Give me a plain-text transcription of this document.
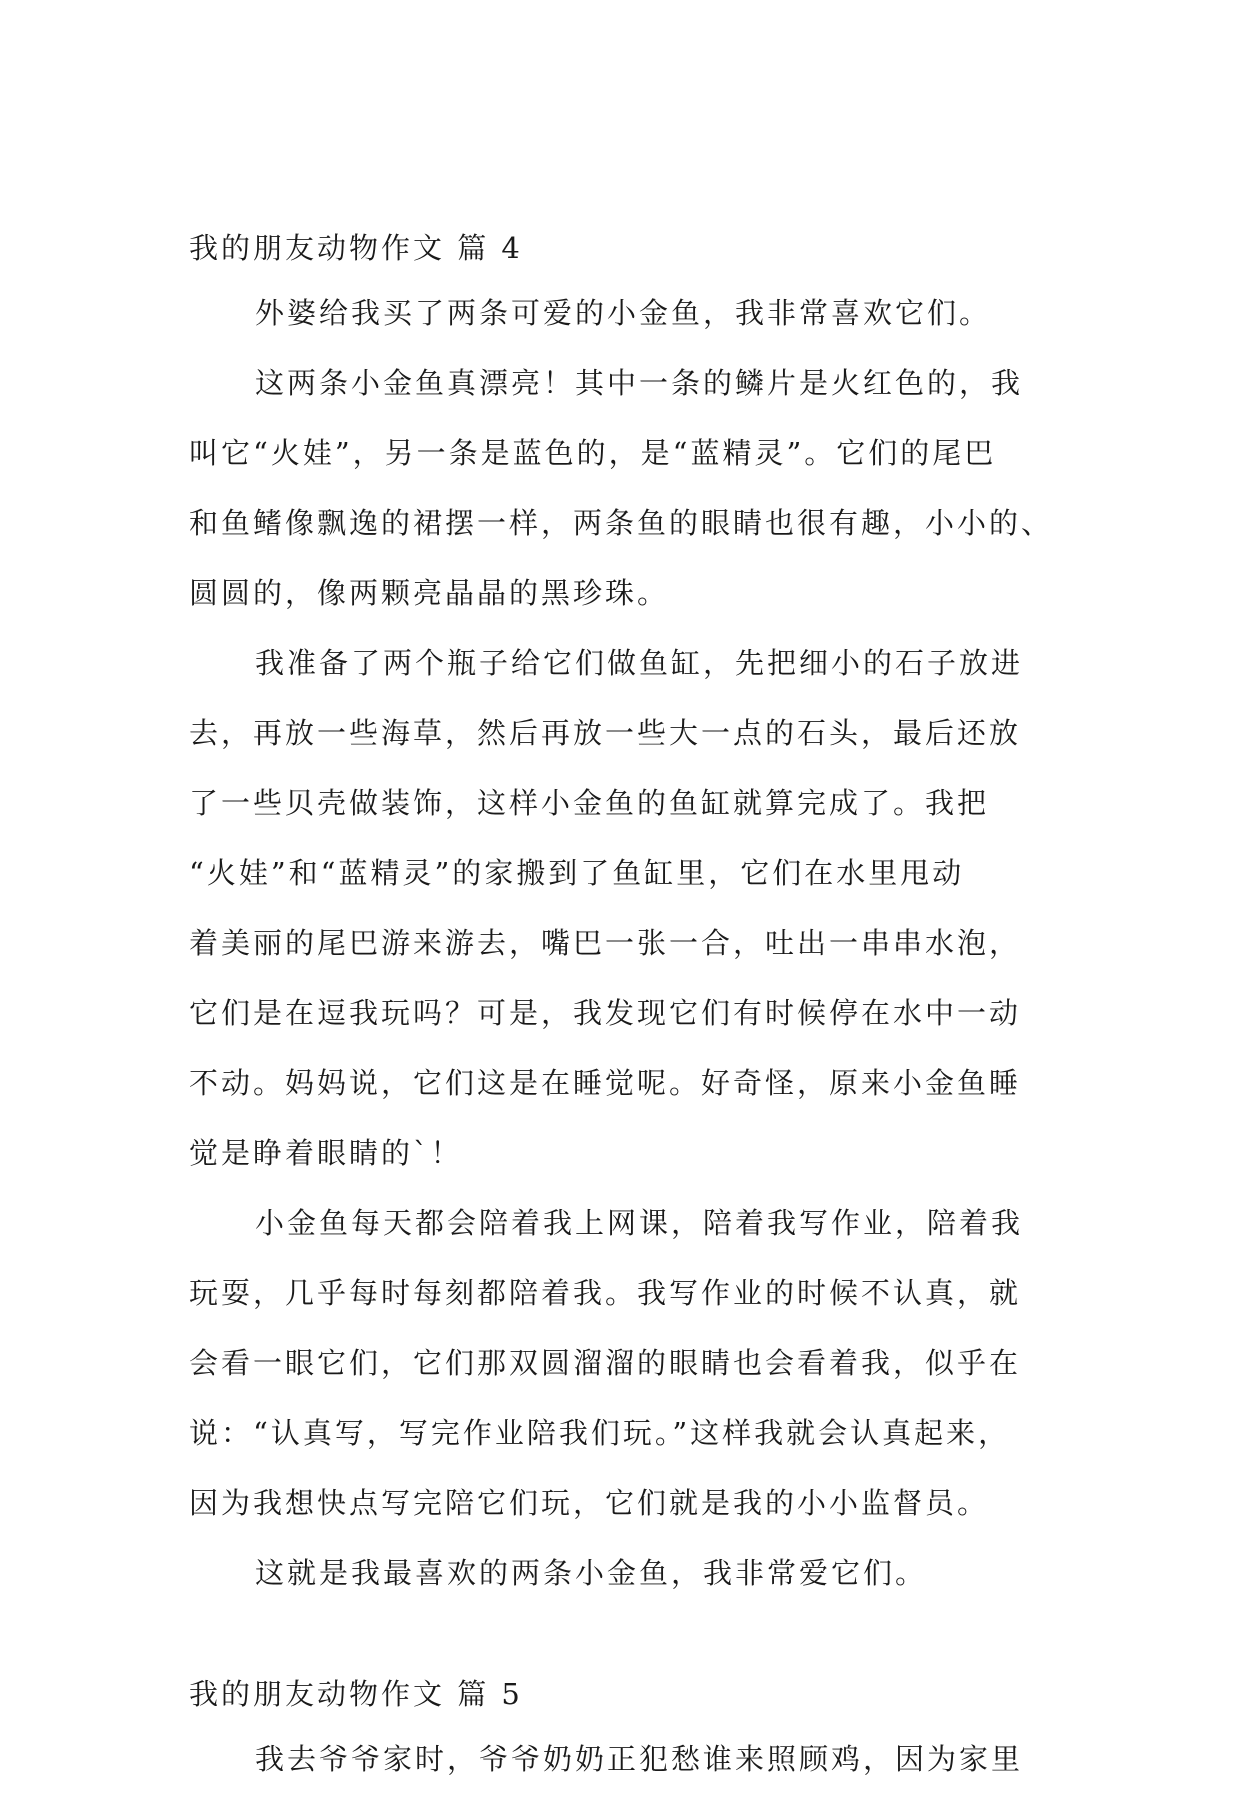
我的朋友动物作文 篇 4
外婆给我买了两条可爱的小金鱼，我非常喜欢它们。
这两条小金鱼真漂亮！其中一条的鳞片是火红色的，我
叫它“火娃”，另一条是蓝色的，是“蓝精灵”。它们的尾巴
和鱼鳍像飘逸的裙摆一样，两条鱼的眼睛也很有趣，小小的、
圆圆的，像两颗亮晶晶的黑珍珠。
我准备了两个瓶子给它们做鱼缸，先把细小的石子放进
去，再放一些海草，然后再放一些大一点的石头，最后还放
了一些贝壳做装饰，这样小金鱼的鱼缸就算完成了。我把
“火娃”和“蓝精灵”的家搬到了鱼缸里，它们在水里甩动
着美丽的尾巴游来游去，嘴巴一张一合，吐出一串串水泡，
它们是在逗我玩吗？可是，我发现它们有时候停在水中一动
不动。妈妈说，它们这是在睡觉呢。好奇怪，原来小金鱼睡
觉是睁着眼睛的`！
小金鱼每天都会陪着我上网课，陪着我写作业，陪着我
玩耍，几乎每时每刻都陪着我。我写作业的时候不认真，就
会看一眼它们，它们那双圆溜溜的眼睛也会看着我，似乎在
说：“认真写，写完作业陪我们玩。”这样我就会认真起来，
因为我想快点写完陪它们玩，它们就是我的小小监督员。
这就是我最喜欢的两条小金鱼，我非常爱它们。
我的朋友动物作文 篇 5
我去爷爷家时，爷爷奶奶正犯愁谁来照顾鸡，因为家里
